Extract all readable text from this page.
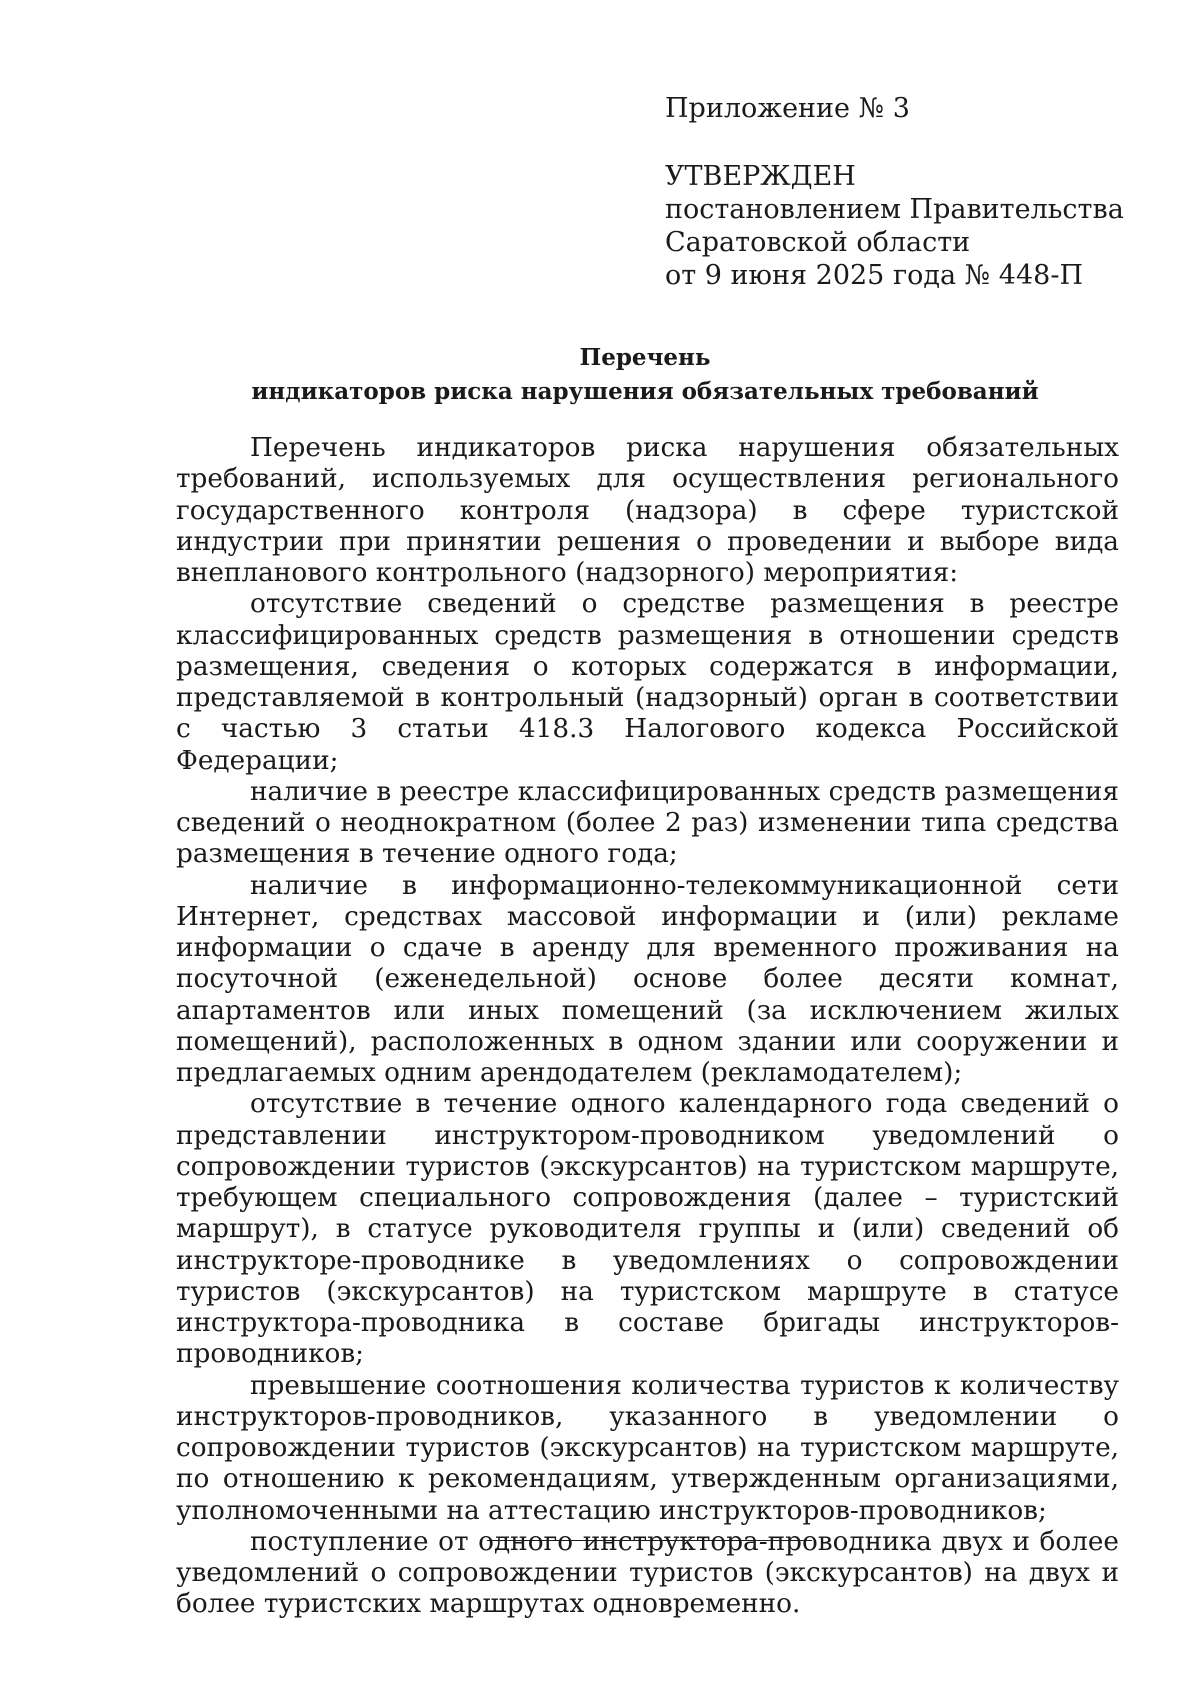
Приложение № 3
УТВЕРЖДЕН
постановлением Правительства
Саратовской области
от 9 июня 2025 года № 448-П
Перечень
индикаторов риска нарушения обязательных требований

Перечень индикаторов риска нарушения обязательных требований, используемых для осуществления регионального государственного контроля (надзора) в сфере туристской индустрии при принятии решения о проведении и выборе вида внепланового контрольного (надзорного) мероприятия:

отсутствие сведений о средстве размещения в реестре классифицированных средств размещения в отношении средств размещения, сведения о которых содержатся в информации, представляемой в контрольный (надзорный) орган в соответствии с частью 3 статьи 418.3 Налогового кодекса Российской Федерации;

наличие в реестре классифицированных средств размещения сведений о неоднократном (более 2 раз) изменении типа средства размещения в течение одного года;

наличие в информационно-телекоммуникационной сети Интернет, средствах массовой информации и (или) рекламе информации о сдаче в аренду для временного проживания на посуточной (еженедельной) основе более десяти комнат, апартаментов или иных помещений (за исключением жилых помещений), расположенных в одном здании или сооружении и предлагаемых одним арендодателем (рекламодателем);

отсутствие в течение одного календарного года сведений о представлении инструктором-проводником уведомлений о сопровождении туристов (экскурсантов) на туристском маршруте, требующем специального сопровождения (далее – туристский маршрут), в статусе руководителя группы и (или) сведений об инструкторе-проводнике в уведомлениях о сопровождении туристов (экскурсантов) на туристском маршруте в статусе инструктора-проводника в составе бригады инструкторов-проводников;

превышение соотношения количества туристов к количеству инструкторов-проводников, указанного в уведомлении о сопровождении туристов (экскурсантов) на туристском маршруте, по отношению к рекомендациям, утвержденным организациями, уполномоченными на аттестацию инструкторов-проводников;

поступление от одного инструктора-проводника двух и более уведомлений о сопровождении туристов (экскурсантов) на двух и более туристских маршрутах одновременно.
